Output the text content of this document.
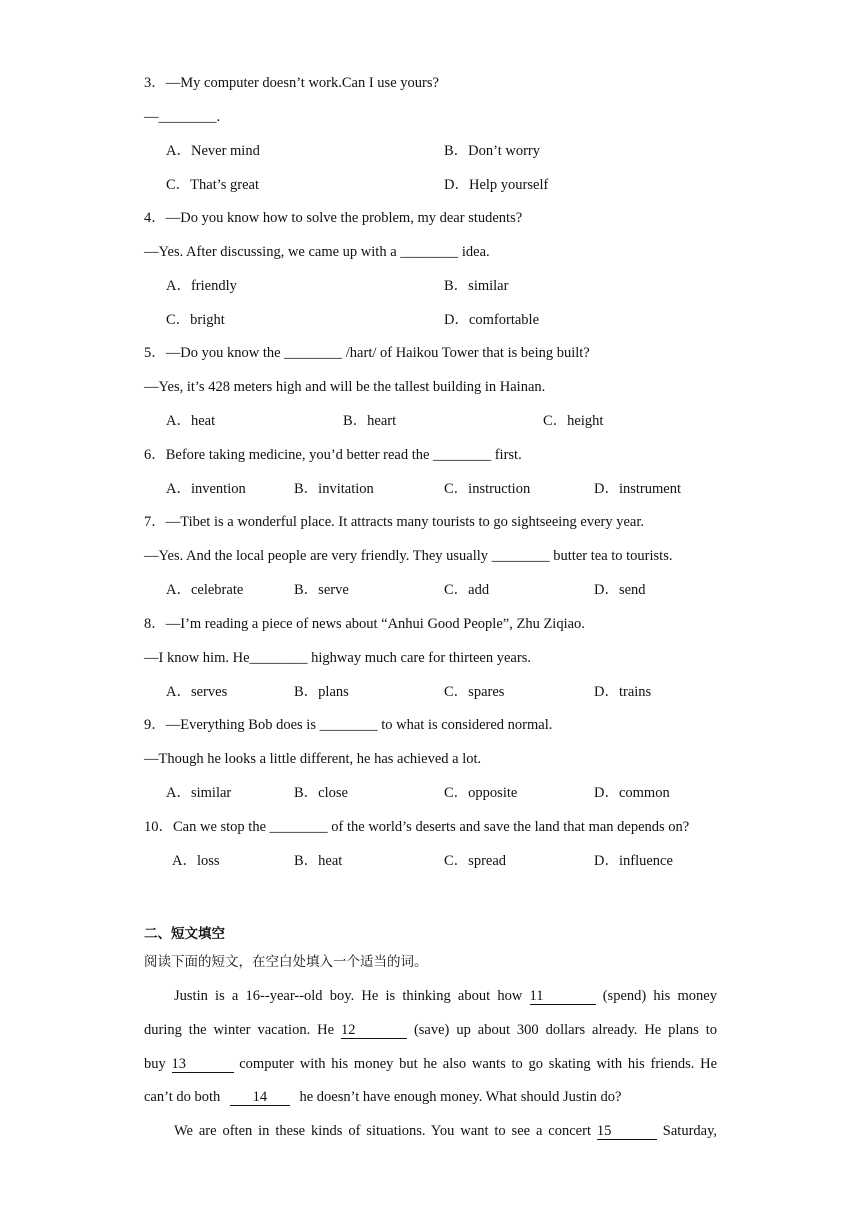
3．—My computer doesn’t work.Can I use yours?
—________.
A．Never mind	B．Don’t worry
C．That’s great	D．Help yourself
4．—Do you know how to solve the problem, my dear students?
—Yes. After discussing, we came up with a ________ idea.
A．friendly	B．similar
C．bright	D．comfortable
5．—Do you know the ________ /hart/ of Haikou Tower that is being built?
—Yes, it’s 428 meters high and will be the tallest building in Hainan.
A．heat	B．heart	C．height
6．Before taking medicine, you’d better read the ________ first.
A．invention	B．invitation	C．instruction	D．instrument
7．—Tibet is a wonderful place. It attracts many tourists to go sightseeing every year.
—Yes. And the local people are very friendly. They usually ________ butter tea to tourists.
A．celebrate	B．serve	C．add	D．send
8．—I’m reading a piece of news about “Anhui Good People”, Zhu Ziqiao.
—I know him. He________ highway much care for thirteen years.
A．serves	B．plans	C．spares	D．trains
9．—Everything Bob does is ________ to what is considered normal.
—Though he looks a little different, he has achieved a lot.
A．similar	B．close	C．opposite	D．common
10．Can we stop the ________ of the world’s deserts and save the land that man depends on?
A．loss	B．heat	C．spread	D．influence
二、短文填空
阅读下面的短文，在空白处填入一个适当的词。
Justin is a 16--year--old boy. He is thinking about how 11	(spend) his money
during the winter vacation. He 12	(save) up about 300 dollars already. He plans to
buy 13	computer with his money but he also wants to go skating with his friends. He
can’t do both 14 he doesn’t have enough money. What should Justin do?
We are often in these kinds of situations. You want to see a concert 15	Saturday,
